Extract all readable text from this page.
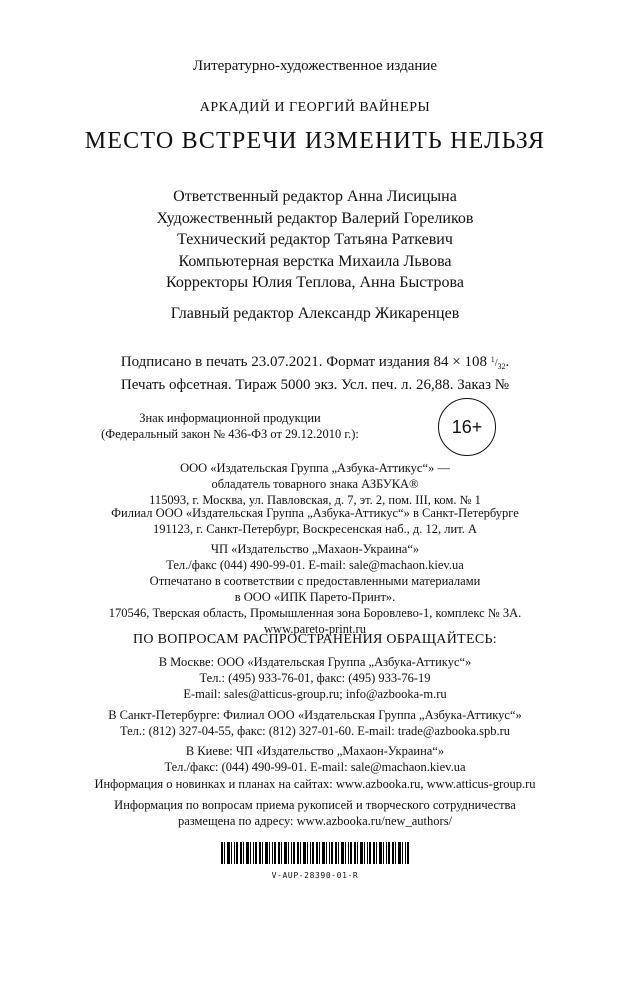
Литературно-художественное издание
АРКАДИЙ И ГЕОРГИЙ ВАЙНЕРЫ
МЕСТО ВСТРЕЧИ ИЗМЕНИТЬ НЕЛЬЗЯ
Ответственный редактор Анна Лисицына
Художественный редактор Валерий Гореликов
Технический редактор Татьяна Раткевич
Компьютерная верстка Михаила Львова
Корректоры Юлия Теплова, Анна Быстрова
Главный редактор Александр Жикаренцев
Подписано в печать 23.07.2021. Формат издания 84 × 108 $^1/_{32}$.
Печать офсетная. Тираж 5000 экз. Усл. печ. л. 26,88. Заказ №
Знак информационной продукции
(Федеральный закон № 436-ФЗ от 29.12.2010 г.):	16+
ООО «Издательская Группа „Азбука-Аттикус“» —
обладатель товарного знака АЗБУКА®
115093, г. Москва, ул. Павловская, д. 7, эт. 2, пом. III, ком. № 1
Филиал ООО «Издательская Группа „Азбука-Аттикус“» в Санкт-Петербурге
191123, г. Санкт-Петербург, Воскресенская наб., д. 12, лит. А
ЧП «Издательство „Махаон-Украина“»
Тел./факс (044) 490-99-01. E-mail: sale@machaon.kiev.ua
Отпечатано в соответствии с предоставленными материалами
в ООО «ИПК Парето-Принт».
170546, Тверская область, Промышленная зона Боровлево-1, комплекс № 3А.
www.pareto-print.ru
ПО ВОПРОСАМ РАСПРОСТРАНЕНИЯ ОБРАЩАЙТЕСЬ:
В Москве: ООО «Издательская Группа „Азбука-Аттикус“»
Тел.: (495) 933-76-01, факс: (495) 933-76-19
E-mail: sales@atticus-group.ru; info@azbooka-m.ru
В Санкт-Петербурге: Филиал ООО «Издательская Группа „Азбука-Аттикус“»
Тел.: (812) 327-04-55, факс: (812) 327-01-60. E-mail: trade@azbooka.spb.ru
В Киеве: ЧП «Издательство „Махаон-Украина“»
Тел./факс: (044) 490-99-01. E-mail: sale@machaon.kiev.ua
Информация о новинках и планах на сайтах: www.azbooka.ru, www.atticus-group.ru
Информация по вопросам приема рукописей и творческого сотрудничества
размещена по адресу: www.azbooka.ru/new_authors/
V-AUP-28390-01-R
